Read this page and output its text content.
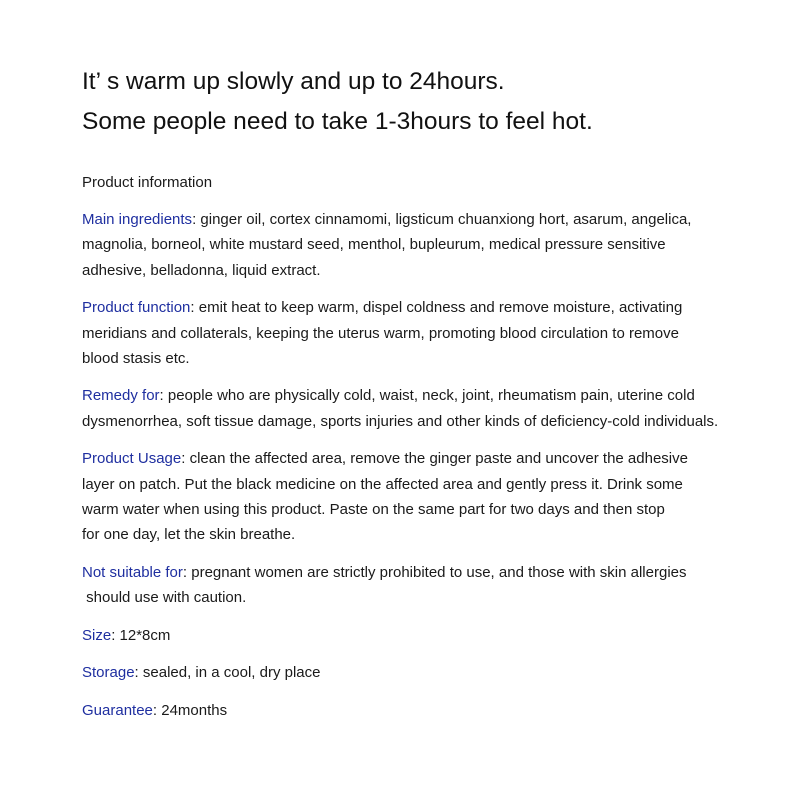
It’ s warm up slowly and up to 24hours.

Some people need to take 1-3hours to feel hot.

Product information
Main ingredients: ginger oil, cortex cinnamomi, ligsticum chuanxiong hort, asarum, angelica,
magnolia, borneol, white mustard seed, menthol, bupleurum, medical pressure sensitive
adhesive, belladonna, liquid extract.
Product function: emit heat to keep warm, dispel coldness and remove moisture, activating
meridians and collaterals, keeping the uterus warm, promoting blood circulation to remove
blood stasis etc.
Remedy for: people who are physically cold, waist, neck, joint, rheumatism pain, uterine cold
dysmenorrhea, soft tissue damage, sports injuries and other kinds of deficiency-cold individuals.
Product Usage: clean the affected area, remove the ginger paste and uncover the adhesive
layer on patch. Put the black medicine on the affected area and gently press it. Drink some
warm water when using this product. Paste on the same part for two days and then stop
for one day, let the skin breathe.
Not suitable for: pregnant women are strictly prohibited to use, and those with skin allergies
should use with caution.
Size: 12*8cm
Storage: sealed, in a cool, dry place
Guarantee: 24months
